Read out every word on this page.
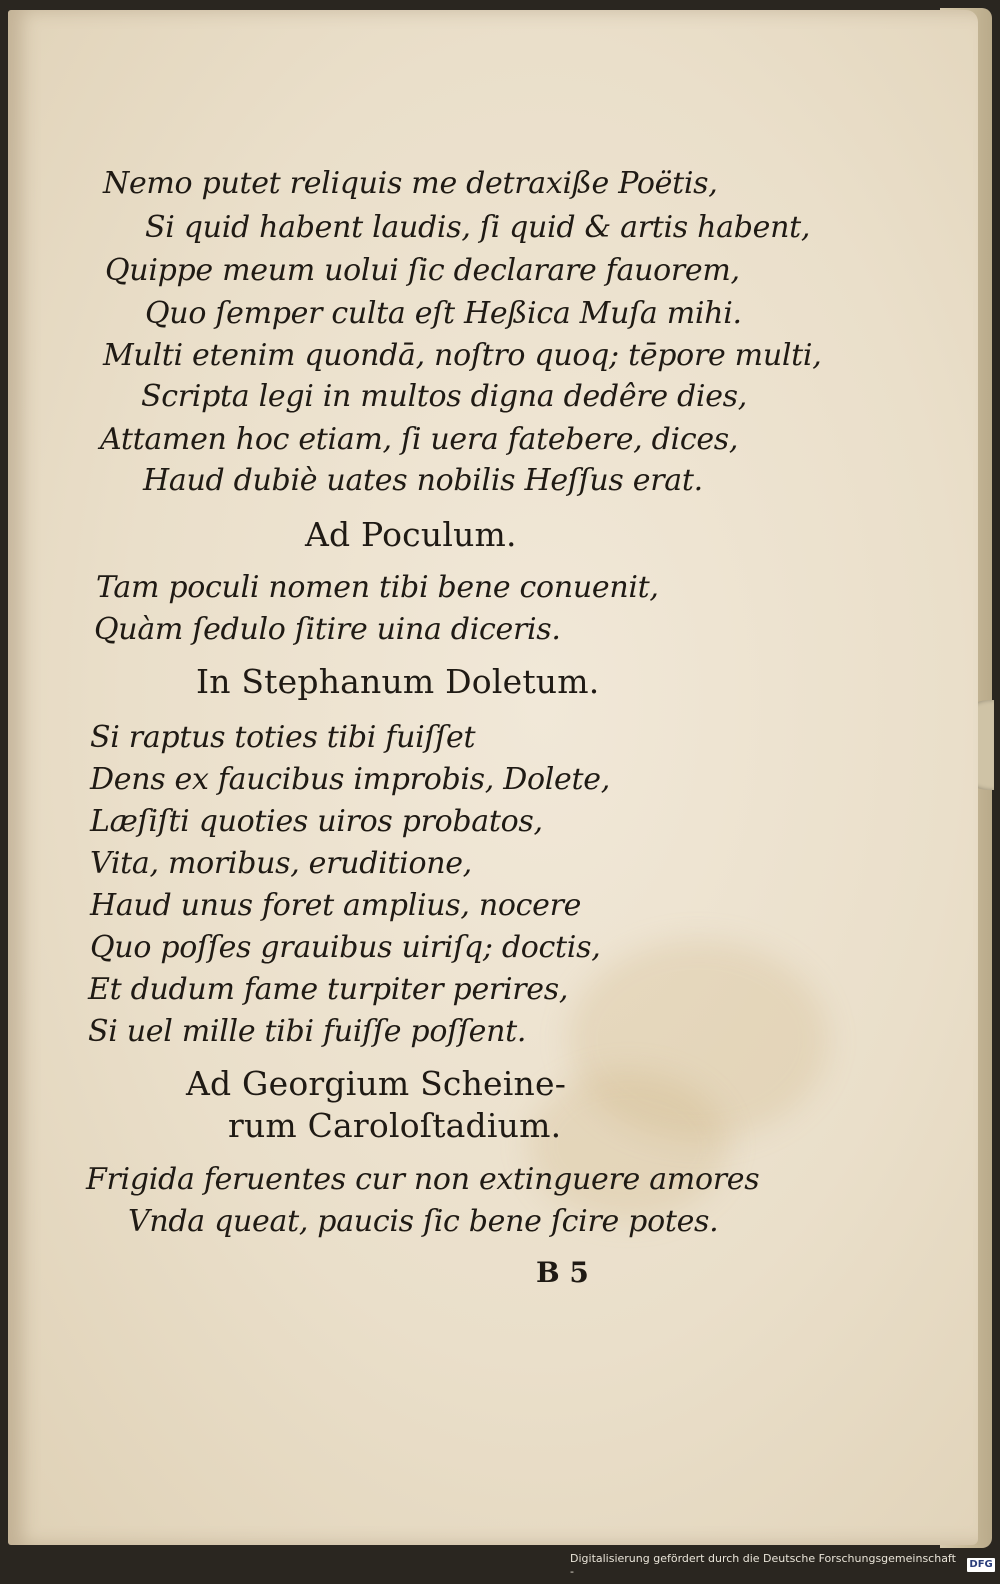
Nemo putet reliquis me detraxiße Poëtis,
Si quid habent laudis, ſi quid & artis habent,
Quippe meum uolui ſic declarare fauorem,
Quo ſemper culta eſt Heßica Muſa mihi.
Multi etenim quondā, noſtro quoq; tēpore multi,
Scripta legi in multos digna dedêre dies,
Attamen hoc etiam, ſi uera fatebere, dices,
Haud dubiè uates nobilis Heſſus erat.
Ad Poculum.
Tam poculi nomen tibi bene conuenit,
Quàm ſedulo ſitire uina diceris.
In Stephanum Doletum.
Si raptus toties tibi fuiſſet
Dens ex faucibus improbis, Dolete,
Læſiſti quoties uiros probatos,
Vita, moribus, eruditione,
Haud unus foret amplius, nocere
Quo poſſes grauibus uiriſq; doctis,
Et dudum fame turpiter perires,
Si uel mille tibi fuiſſe poſſent.
Ad Georgium Scheine-
rum Caroloſtadium.
Frigida feruentes cur non extinguere amores
Vnda queat, paucis ſic bene ſcire potes.
B 5
Digitalisierung gefördert durch die Deutsche Forschungsgemeinschaft -
DFG
